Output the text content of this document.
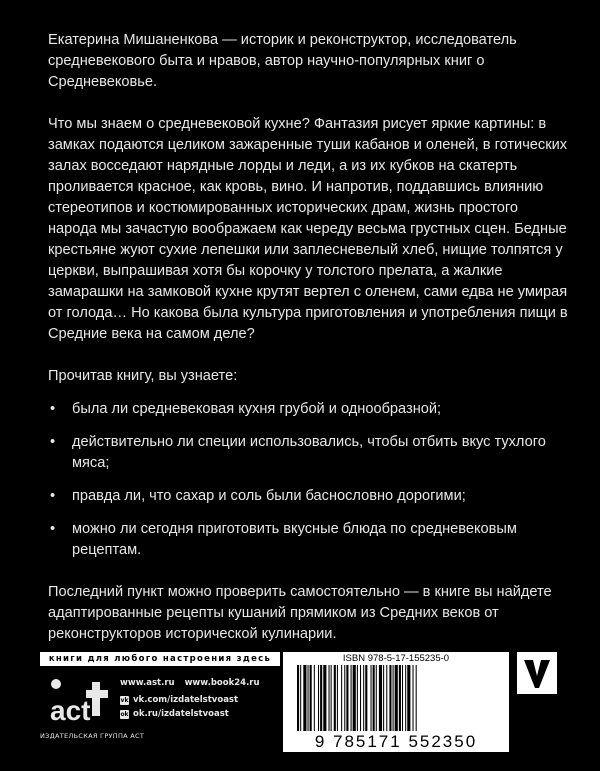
Екатерина Мишаненкова — историк и реконструктор, исследователь средневекового быта и нравов, автор научно-популярных книг о Средневековье.

Что мы знаем о средневековой кухне? Фантазия рисует яркие картины: в замках подаются целиком зажаренные туши кабанов и оленей, в готических залах восседают нарядные лорды и леди, а из их кубков на скатерть проливается красное, как кровь, вино. И напротив, поддавшись влиянию стереотипов и костюмированных исторических драм, жизнь простого народа мы зачастую воображаем как череду весьма грустных сцен. Бедные крестьяне жуют сухие лепешки или заплесневелый хлеб, нищие толпятся у церкви, выпрашивая хотя бы корочку у толстого прелата, а жалкие замарашки на замковой кухне крутят вертел с оленем, сами едва не умирая от голода… Но какова была культура приготовления и употребления пищи в Средние века на самом деле?

Прочитав книгу, вы узнаете:

• была ли средневековая кухня грубой и однообразной;
• действительно ли специи использовались, чтобы отбить вкус тухлого мяса;
• правда ли, что сахар и соль были баснословно дорогими;
• можно ли сегодня приготовить вкусные блюда по средневековым рецептам.

Последний пункт можно проверить самостоятельно — в книге вы найдете адаптированные рецепты кушаний прямиком из Средних веков от реконструкторов исторической кулинарии.

книги для любого настроения здесь
act
ИЗДАТЕЛЬСКАЯ ГРУППА АСТ
www.ast.ru www.book24.ru
vk vk.com/izdatelstvoast
ok ok.ru/izdatelstvoast
ISBN 978-5-17-155235-0
9 785171 552350
